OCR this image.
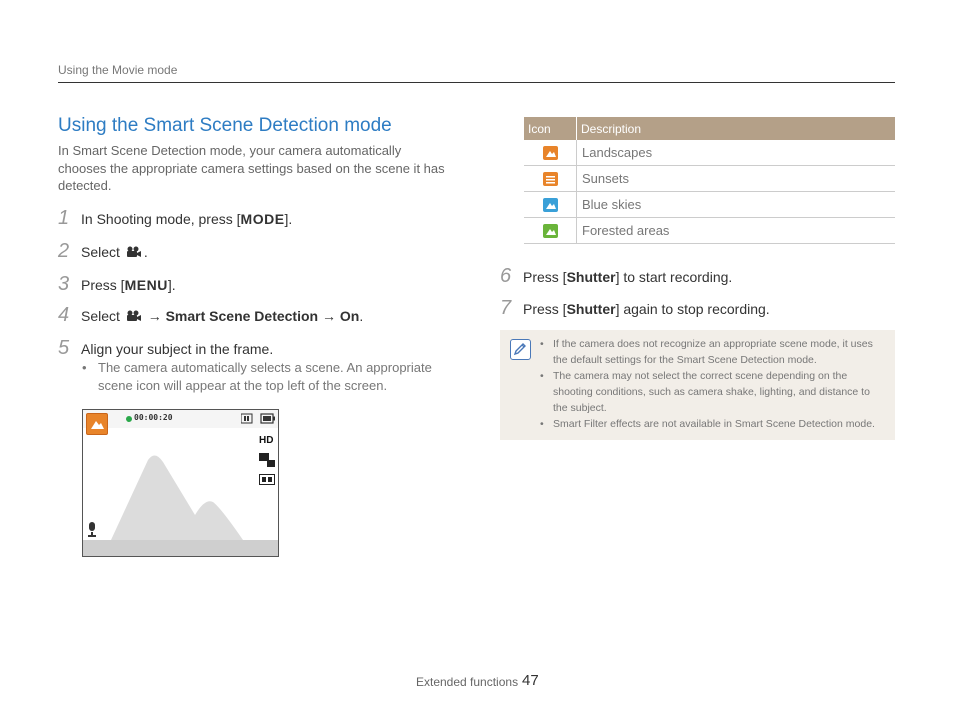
Using the Movie mode
Using the Smart Scene Detection mode
In Smart Scene Detection mode, your camera automatically chooses the appropriate camera settings based on the scene it has detected.
1 In Shooting mode, press [MODE].
2 Select .
3 Press [MENU].
4 Select  → Smart Scene Detection → On.
5 Align your subject in the frame.
• The camera automatically selects a scene. An appropriate scene icon will appear at the top left of the screen.
00:00:20
HD
Icon	Description
	Landscapes
	Sunsets
	Blue skies
	Forested areas
6 Press [Shutter] to start recording.
7 Press [Shutter] again to stop recording.
• If the camera does not recognize an appropriate scene mode, it uses the default settings for the Smart Scene Detection mode.
• The camera may not select the correct scene depending on the shooting conditions, such as camera shake, lighting, and distance to the subject.
• Smart Filter effects are not available in Smart Scene Detection mode.
Extended functions 47
